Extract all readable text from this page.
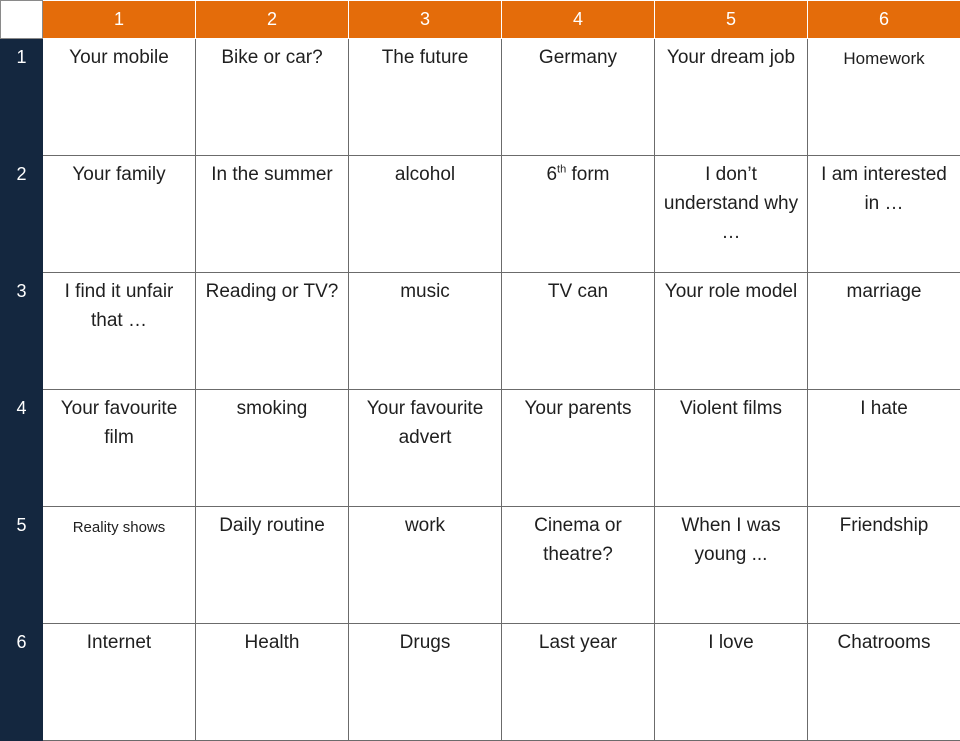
	1	2	3	4	5	6
1	Your mobile	Bike or car?	The future	Germany	Your dream job	Homework

2	Your family	In the summer	alcohol	6th form	I don’t understand why …	I am interested in …

3	I find it unfair that …	Reading or TV?	music	TV can	Your role model	marriage

4	Your favourite film	smoking	Your favourite advert	Your parents	Violent films	I hate

5	Reality shows	Daily routine	work	Cinema or theatre?	When I was young ...	Friendship

6	Internet	Health	Drugs	Last year	I love	Chatrooms
